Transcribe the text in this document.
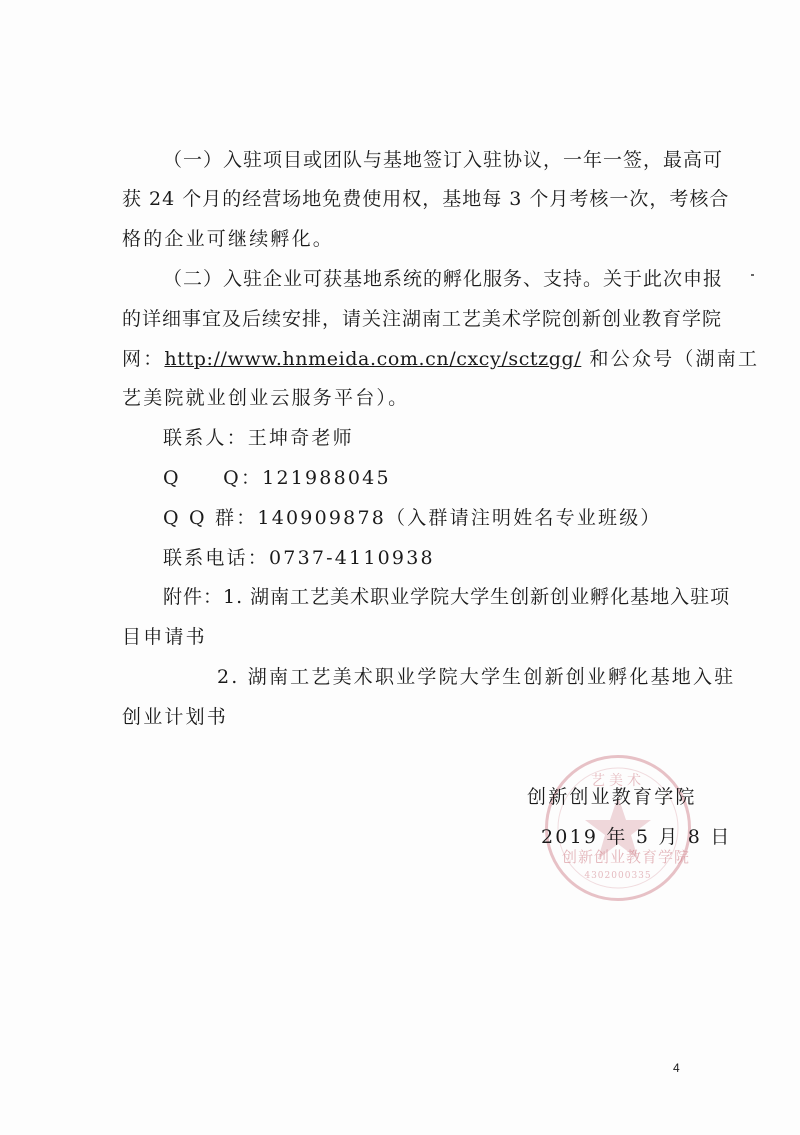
（一）入驻项目或团队与基地签订入驻协议，一年一签，最高可
获 24 个月的经营场地免费使用权，基地每 3 个月考核一次，考核合
格的企业可继续孵化。
（二）入驻企业可获基地系统的孵化服务、支持。关于此次申报
的详细事宜及后续安排，请关注湖南工艺美术学院创新创业教育学院
网：http://www.hnmeida.com.cn/cxcy/sctzgg/ 和公众号（湖南工
艺美院就业创业云服务平台）。
联系人：王坤奇老师
Q　　Q：121988045
Q Q 群：140909878（入群请注明姓名专业班级）
联系电话：0737-4110938
附件：1. 湖南工艺美术职业学院大学生创新创业孵化基地入驻项
目申请书
2. 湖南工艺美术职业学院大学生创新创业孵化基地入驻
创业计划书
艺美术
创新创业教育学院
4302000335
创新创业教育学院
2019 年 5 月 8 日
4
